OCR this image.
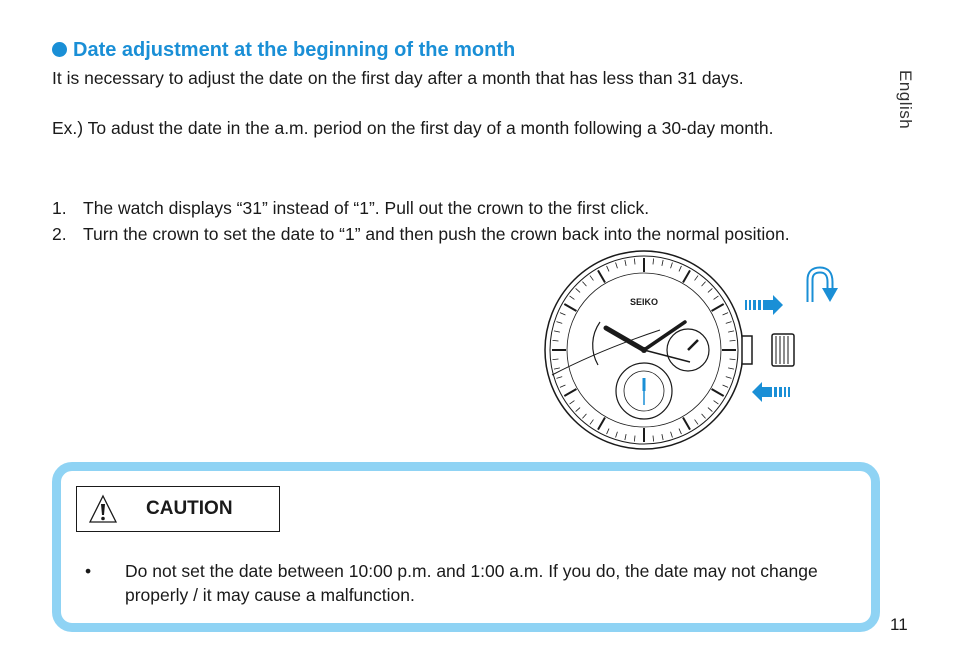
Date adjustment at the beginning of the month

It is necessary to adjust the date on the first day after a month that has less than 31 days.

Ex.) To adust the date in the a.m. period on the first day of a month following a 30-day month.

1. The watch displays “31” instead of “1”. Pull out the crown to the first click.
2. Turn the crown to set the date to “1” and then push the crown back into the normal position.
English
SEIKO
CAUTION
• Do not set the date between 10:00 p.m. and 1:00 a.m. If you do, the date may not change properly / it may cause a malfunction.
11
